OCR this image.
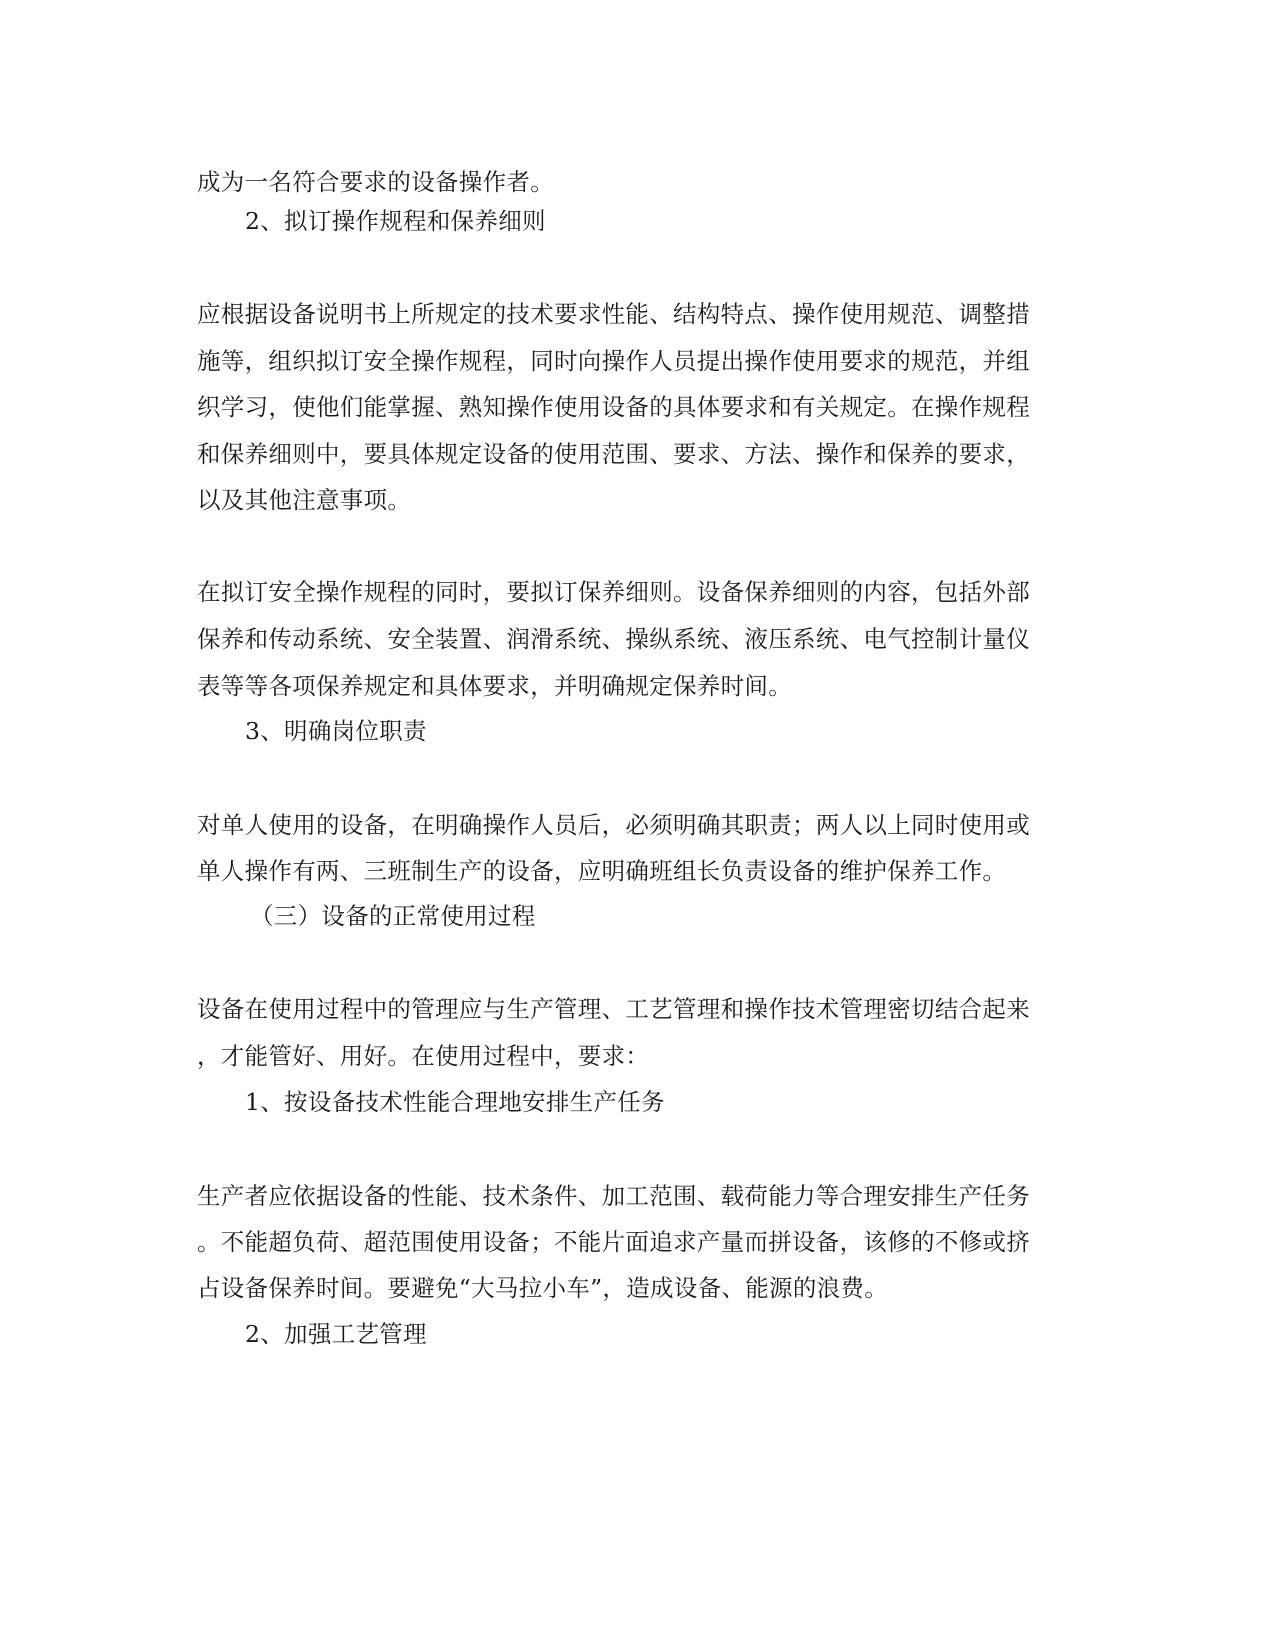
成为一名符合要求的设备操作者。
2、拟订操作规程和保养细则
应根据设备说明书上所规定的技术要求性能、结构特点、操作使用规范、调整措
施等，组织拟订安全操作规程，同时向操作人员提出操作使用要求的规范，并组
织学习，使他们能掌握、熟知操作使用设备的具体要求和有关规定。在操作规程
和保养细则中，要具体规定设备的使用范围、要求、方法、操作和保养的要求，
以及其他注意事项。
在拟订安全操作规程的同时，要拟订保养细则。设备保养细则的内容，包括外部
保养和传动系统、安全装置、润滑系统、操纵系统、液压系统、电气控制计量仪
表等等各项保养规定和具体要求，并明确规定保养时间。
3、明确岗位职责
对单人使用的设备，在明确操作人员后，必须明确其职责；两人以上同时使用或
单人操作有两、三班制生产的设备，应明确班组长负责设备的维护保养工作。
（三）设备的正常使用过程
设备在使用过程中的管理应与生产管理、工艺管理和操作技术管理密切结合起来
，才能管好、用好。在使用过程中，要求：
1、按设备技术性能合理地安排生产任务
生产者应依据设备的性能、技术条件、加工范围、载荷能力等合理安排生产任务
。不能超负荷、超范围使用设备；不能片面追求产量而拼设备，该修的不修或挤
占设备保养时间。要避免“大马拉小车”，造成设备、能源的浪费。
2、加强工艺管理
